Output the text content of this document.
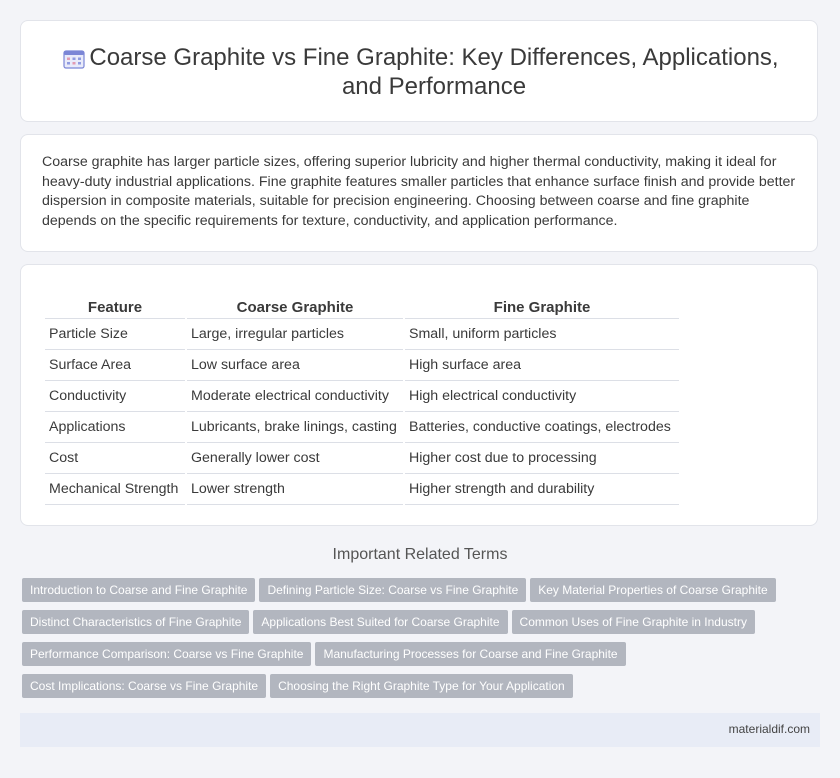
Coarse Graphite vs Fine Graphite: Key Differences, Applications, and Performance
Coarse graphite has larger particle sizes, offering superior lubricity and higher thermal conductivity, making it ideal for heavy-duty industrial applications. Fine graphite features smaller particles that enhance surface finish and provide better dispersion in composite materials, suitable for precision engineering. Choosing between coarse and fine graphite depends on the specific requirements for texture, conductivity, and application performance.
Feature	Coarse Graphite	Fine Graphite
Particle Size	Large, irregular particles	Small, uniform particles
Surface Area	Low surface area	High surface area
Conductivity	Moderate electrical conductivity	High electrical conductivity
Applications	Lubricants, brake linings, casting	Batteries, conductive coatings, electrodes
Cost	Generally lower cost	Higher cost due to processing
Mechanical Strength	Lower strength	Higher strength and durability
Important Related Terms
Introduction to Coarse and Fine Graphite Defining Particle Size: Coarse vs Fine Graphite Key Material Properties of Coarse Graphite
Distinct Characteristics of Fine Graphite Applications Best Suited for Coarse Graphite Common Uses of Fine Graphite in Industry
Performance Comparison: Coarse vs Fine Graphite Manufacturing Processes for Coarse and Fine Graphite
Cost Implications: Coarse vs Fine Graphite Choosing the Right Graphite Type for Your Application
materialdif.com
